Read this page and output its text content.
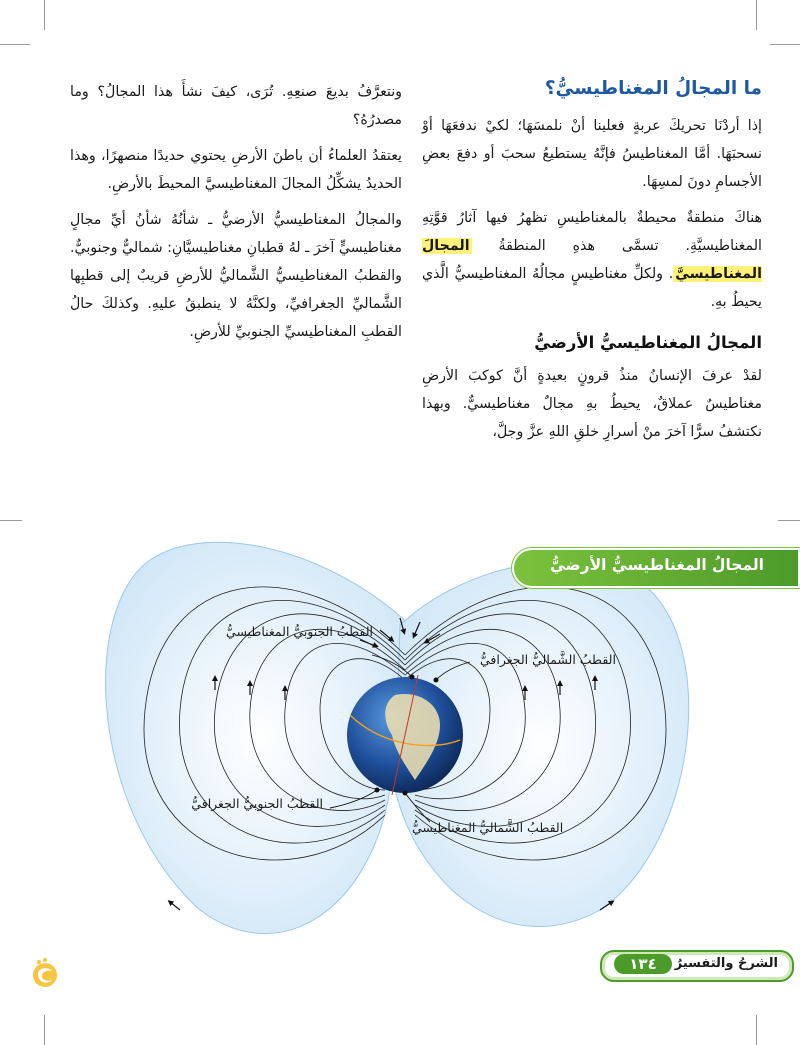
ما المجالُ المغناطيسيُّ؟

إذا أردْنَا تحريكَ عربةٍ فعلينا أنْ نلمسَهَا؛ لكيْ ندفعَهَا أوْ نسحبَهَا. أمَّا المغناطيسُ فإنَّهُ يستطيعُ سحبَ أو دفعَ بعضِ الأجسامِ دونَ لمسِهَا.

هناكَ منطقةٌ محيطةٌ بالمغناطيسِ تظهرُ فيها آثارُ قوَّتِهِ المغناطيسيَّةِ. تسمَّى هذهِ المنطقةُ المجالَ المغناطيسيَّ. ولكلِّ مغناطيسٍ مجالُهُ المغناطيسيُّ الَّذي يحيطُ بهِ.

المجالُ المغناطيسيُّ الأرضيُّ

لقدْ عرفَ الإنسانُ منذُ قرونٍ بعيدةٍ أنَّ كوكبَ الأرضِ مغناطيسٌ عملاقٌ، يحيطُ بهِ مجالٌ مغناطيسيٌّ. وبهذا نكتشفُ سرًّا آخرَ منْ أسرارِ خلقِ اللهِ عزَّ وجلَّ،

ونتعرَّفُ بديعَ صنعِهِ. تُرَى، كيفَ نشأَ هذا المجالُ؟ وما مصدرُهُ؟

يعتقدُ العلماءُ أن باطنَ الأرضِ يحتوي حديدًا منصهرًا، وهذا الحديدُ يشكِّلُ المجالَ المغناطيسيَّ المحيطَ بالأرضِ.

والمجالُ المغناطيسيُّ الأرضيُّ ـ شأنُهُ شأنُ أيِّ مجالٍ مغناطيسيٍّ آخرَ ـ لهُ قطبانِ مغناطيسيَّانِ: شماليٌّ وجنوبيٌّ. والقطبُ المغناطيسيُّ الشَّماليُّ للأرضِ قريبٌ إلى قطبِها الشَّماليِّ الجغرافيِّ، ولكنَّهُ لا ينطبقُ عليهِ. وكذلكَ حالُ القطبِ المغناطيسيِّ الجنوبيِّ للأرضِ.

المجالُ المغناطيسيُّ الأرضيُّ
القطبُ الجنوبيُّ المغناطيسيُّ
القطبُ الشَّماليُّ الجغرافيُّ
القطبُ الجنوبيُّ الجغرافيُّ
القطبُ الشَّماليُّ المغناطيسيُّ
١٣٤	الشرحُ والتفسيرُ
